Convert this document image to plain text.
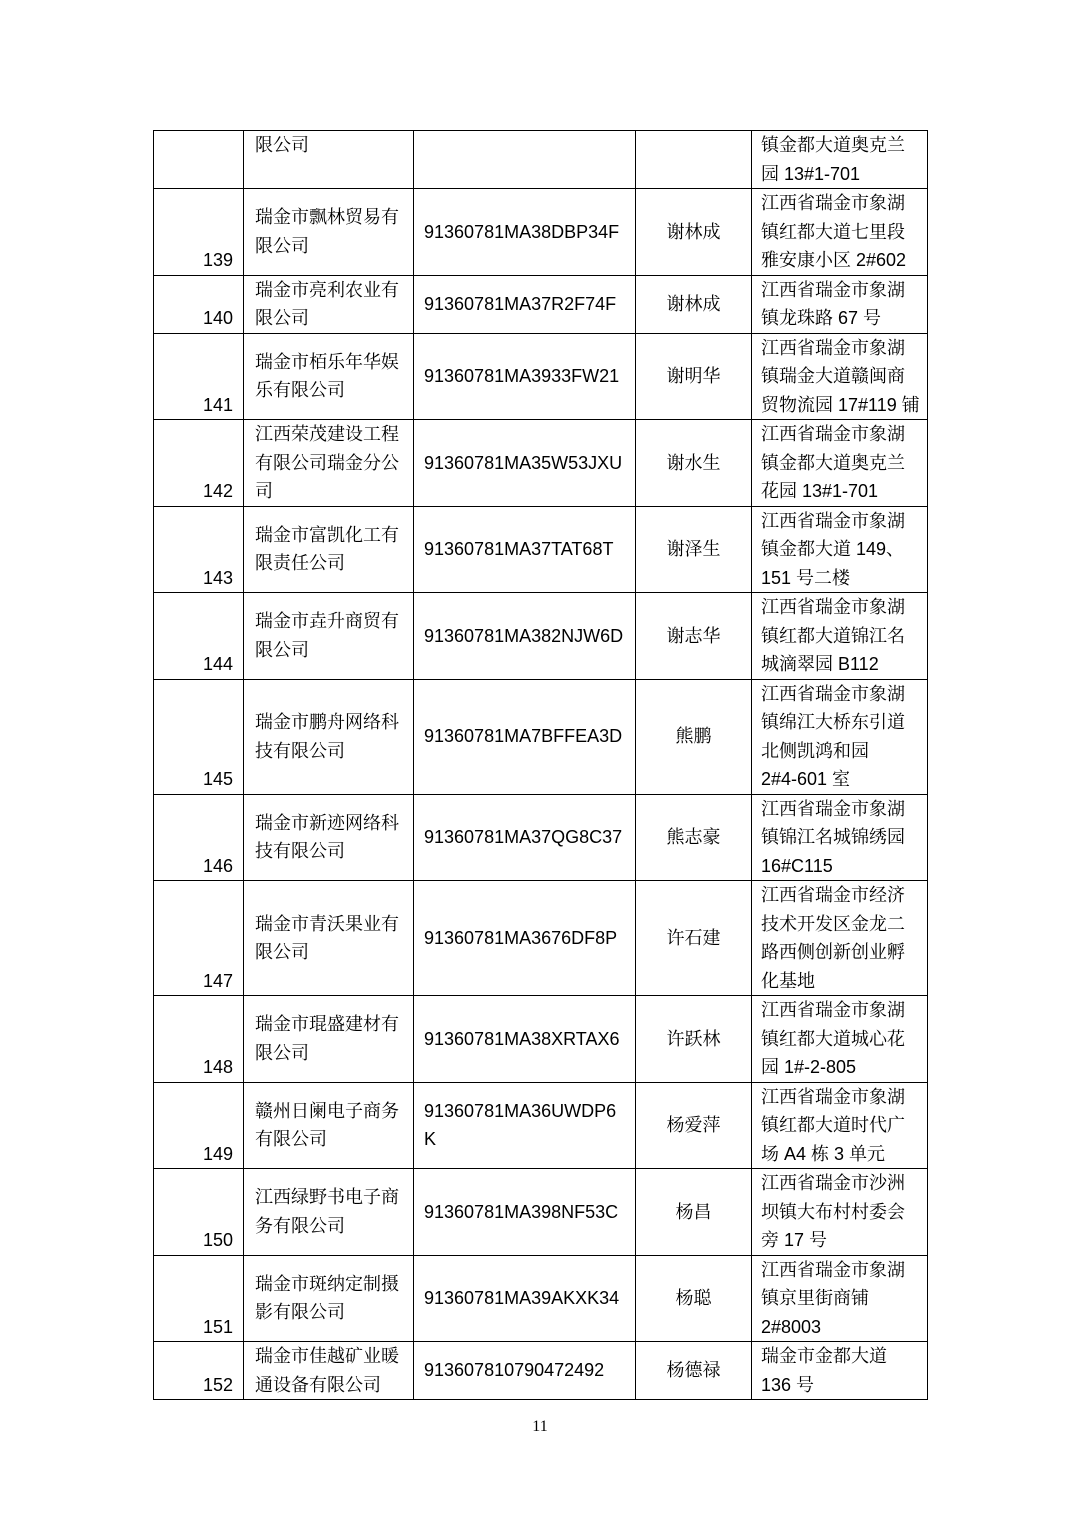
	限公司			镇金都大道奥克兰
园 13#1-701
139	瑞金市飘林贸易有
限公司	91360781MA38DBP34F	谢林成	江西省瑞金市象湖
镇红都大道七里段
雅安康小区 2#602
140	瑞金市亮利农业有
限公司	91360781MA37R2F74F	谢林成	江西省瑞金市象湖
镇龙珠路 67 号
141	瑞金市栢乐年华娱
乐有限公司	91360781MA3933FW21	谢明华	江西省瑞金市象湖
镇瑞金大道赣闽商
贸物流园 17#119 铺
142	江西荣茂建设工程
有限公司瑞金分公
司	91360781MA35W53JXU	谢水生	江西省瑞金市象湖
镇金都大道奥克兰
花园 13#1-701
143	瑞金市富凯化工有
限责任公司	91360781MA37TAT68T	谢泽生	江西省瑞金市象湖
镇金都大道 149、
151 号二楼
144	瑞金市垚升商贸有
限公司	91360781MA382NJW6D	谢志华	江西省瑞金市象湖
镇红都大道锦江名
城滴翠园 B112
145	瑞金市鹏舟网络科
技有限公司	91360781MA7BFFEA3D	熊鹏	江西省瑞金市象湖
镇绵江大桥东引道
北侧凯鸿和园
2#4-601 室
146	瑞金市新迹网络科
技有限公司	91360781MA37QG8C37	熊志豪	江西省瑞金市象湖
镇锦江名城锦绣园
16#C115
147	瑞金市青沃果业有
限公司	91360781MA3676DF8P	许石建	江西省瑞金市经济
技术开发区金龙二
路西侧创新创业孵
化基地
148	瑞金市琨盛建材有
限公司	91360781MA38XRTAX6	许跃林	江西省瑞金市象湖
镇红都大道城心花
园 1#-2-805
149	赣州日阑电子商务
有限公司	91360781MA36UWDP6
K	杨爱萍	江西省瑞金市象湖
镇红都大道时代广
场 A4 栋 3 单元
150	江西绿野书电子商
务有限公司	91360781MA398NF53C	杨昌	江西省瑞金市沙洲
坝镇大布村村委会
旁 17 号
151	瑞金市斑纳定制摄
影有限公司	91360781MA39AKXK34	杨聪	江西省瑞金市象湖
镇京里街商铺
2#8003
152	瑞金市佳越矿业暖
通设备有限公司	913607810790472492	杨德禄	瑞金市金都大道
136 号
11
